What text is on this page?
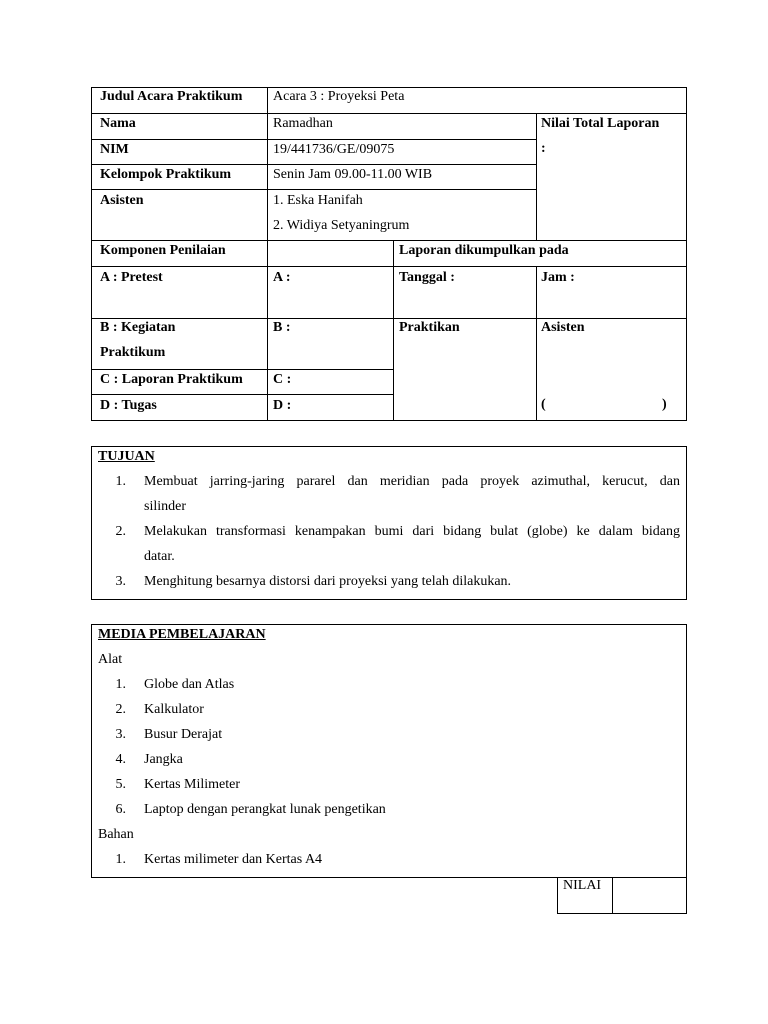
Judul Acara Praktikum Acara 3 : Proyeksi Peta
Nama	Ramadhan	Nilai Total Laporan
:
NIM	19/441736/GE/09075
Kelompok Praktikum	Senin Jam 09.00-11.00 WIB
Asisten	1. Eska Hanifah
2. Widiya Setyaningrum
Komponen Penilaian	Laporan dikumpulkan pada
A : Pretest	A :	Tanggal :	Jam :
B : Kegiatan
Praktikum
B :	Praktikan	Asisten
C : Laporan Praktikum C :
D : Tugas	D :	(	)
TUJUAN
1. Membuat jarring-jaring pararel dan meridian pada proyek azimuthal, kerucut, dan
silinder
2. Melakukan transformasi kenampakan bumi dari bidang bulat (globe) ke dalam bidang
datar.
3. Menghitung besarnya distorsi dari proyeksi yang telah dilakukan.
MEDIA PEMBELAJARAN
Alat
1. Globe dan Atlas
2. Kalkulator
3. Busur Derajat
4. Jangka
5. Kertas Milimeter
6. Laptop dengan perangkat lunak pengetikan
Bahan
1. Kertas milimeter dan Kertas A4
NILAI
